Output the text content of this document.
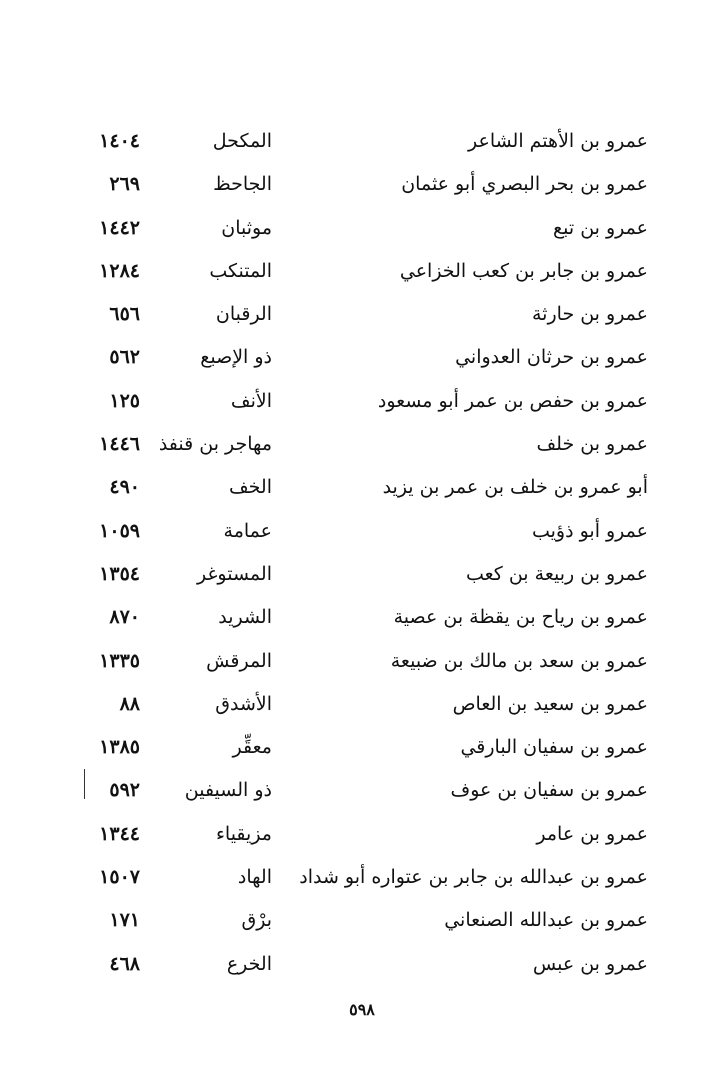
عمرو بن الأهتم الشاعر
المكحل
١٤٠٤
عمرو بن بحر البصري أبو عثمان
الجاحظ
٢٦٩
عمرو بن تبع
موثبان
١٤٤٢
عمرو بن جابر بن كعب الخزاعي
المتنكب
١٢٨٤
عمرو بن حارثة
الرقبان
٦٥٦
عمرو بن حرثان العدواني
ذو الإصبع
٥٦٢
عمرو بن حفص بن عمر أبو مسعود
الأنف
١٢٥
عمرو بن خلف
مهاجر بن قنفذ
١٤٤٦
أبو عمرو بن خلف بن عمر بن يزيد
الخف
٤٩٠
عمرو أبو ذؤيب
عمامة
١٠٥٩
عمرو بن ربيعة بن كعب
المستوغر
١٣٥٤
عمرو بن رياح بن يقظة بن عصية
الشريد
٨٧٠
عمرو بن سعد بن مالك بن ضبيعة
المرقش
١٣٣٥
عمرو بن سعيد بن العاص
الأشدق
٨٨
عمرو بن سفيان البارقي
معقِّر
١٣٨٥
عمرو بن سفيان بن عوف
ذو السيفين
٥٩٢
عمرو بن عامر
مزيقياء
١٣٤٤
عمرو بن عبدالله بن جابر بن عتواره أبو شداد
الهاد
١٥٠٧
عمرو بن عبدالله الصنعاني
برْق
١٧١
عمرو بن عبس
الخرع
٤٦٨
٥٩٨
